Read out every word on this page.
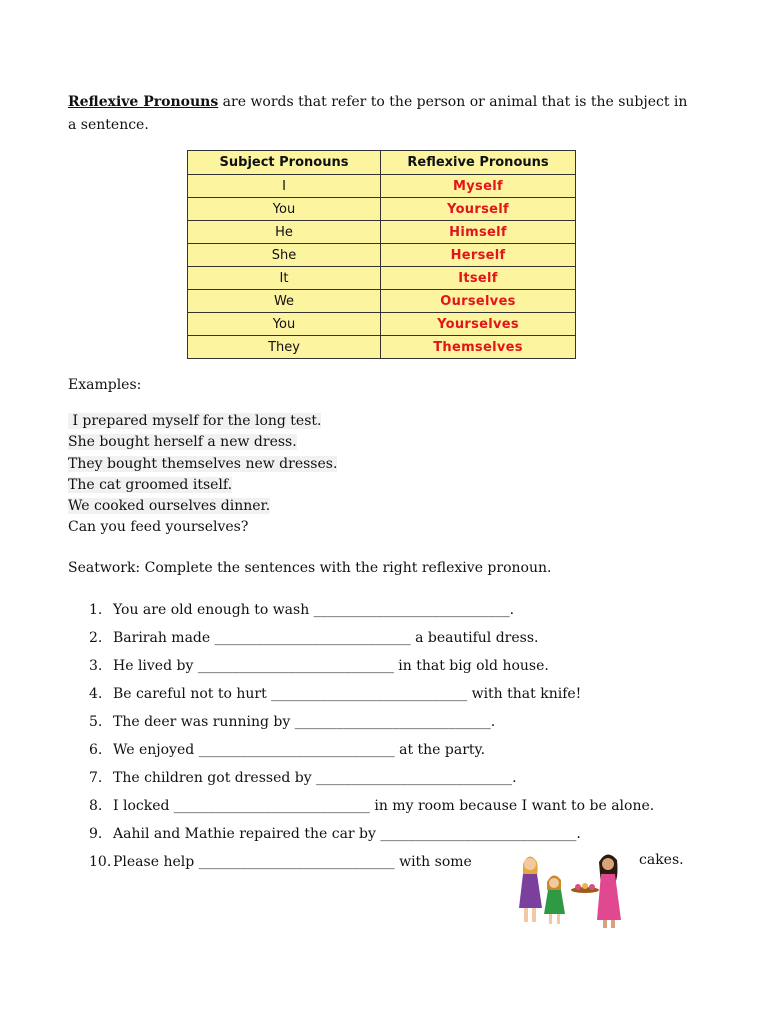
Reflexive Pronouns are words that refer to the person or animal that is the subject in a sentence.

Subject Pronouns	Reflexive Pronouns
I	Myself
You	Yourself
He	Himself
She	Herself
It	Itself
We	Ourselves
You	Yourselves
They	Themselves
Examples:
I prepared myself for the long test.
She bought herself a new dress.
They bought themselves new dresses.
The cat groomed itself.
We cooked ourselves dinner.
Can you feed yourselves?
Seatwork: Complete the sentences with the right reflexive pronoun.
1. You are old enough to wash ____________________________.
2. Barirah made ____________________________ a beautiful dress.
3. He lived by ____________________________ in that big old house.
4. Be careful not to hurt ____________________________ with that knife!
5. The deer was running by ____________________________.
6. We enjoyed ____________________________ at the party.
7. The children got dressed by ____________________________.
8. I locked ____________________________ in my room because I want to be alone.
9. Aahil and Mathie repaired the car by ____________________________.
10. Please help ____________________________ with some	cakes.
